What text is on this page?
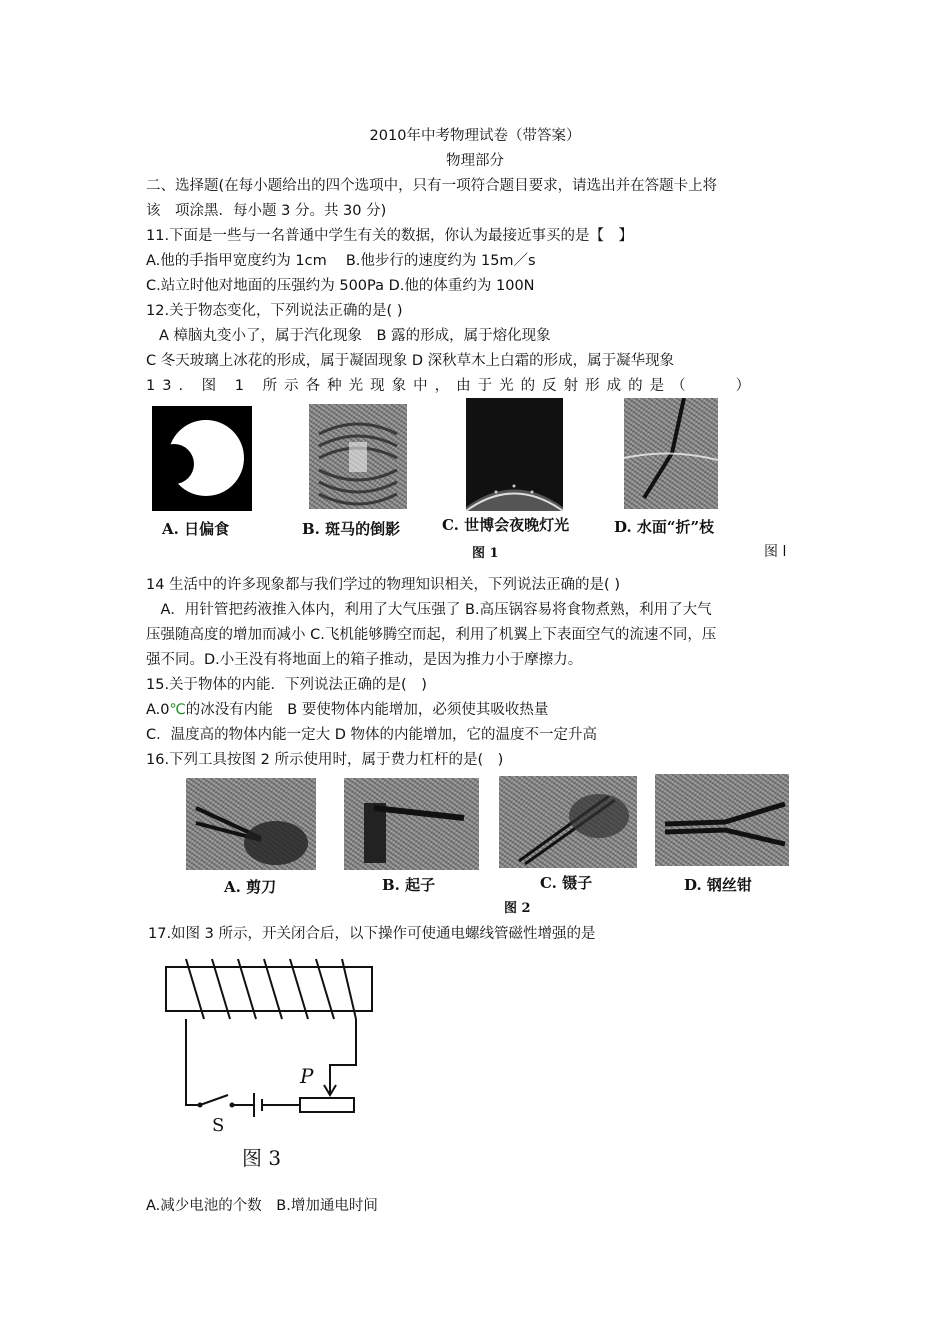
2010年中考物理试卷（带答案）
物理部分
二、选择题(在每小题给出的四个选项中，只有一项符合题目要求，请选出并在答题卡上将
该　项涂黑．每小题 3 分。共 30 分)
11.下面是一些与一名普通中学生有关的数据，你认为最接近事买的是【　】
A.他的手指甲宽度约为 1cm　 B.他步行的速度约为 15m／s
C.站立时他对地面的压强约为 500Pa D.他的体重约为 100N
12.关于物态变化，下列说法正确的是( )
A 樟脑丸变小了，属于汽化现象　B 露的形成，属于熔化现象
C 冬天玻璃上冰花的形成，属于凝固现象 D 深秋草木上白霜的形成，属于凝华现象
13. 图 1 所示各种光现象中，由于光的反射形成的是（　　）
A. 日偏食	B. 斑马的倒影	C. 世博会夜晚灯光	D. 水面“折”枝
图 1	图 l
14 生活中的许多现象都与我们学过的物理知识相关，下列说法正确的是( )
　A．用针管把药液推入体内，利用了大气压强了 B.高压锅容易将食物煮熟，利用了大气
压强随高度的增加而减小 C.飞机能够腾空而起，利用了机翼上下表面空气的流速不同，压
强不同。D.小王没有将地面上的箱子推动，是因为推力小于摩擦力。
15.关于物体的内能．下列说法正确的是(　)
A.0℃的冰没有内能　B 要使物体内能增加，必须使其吸收热量
C．温度高的物体内能一定大 D 物体的内能增加，它的温度不一定升高
16.下列工具按图 2 所示使用时，属于费力杠杆的是(　)
A. 剪刀	B. 起子	C. 镊子	D. 钢丝钳
图 2
17.如图 3 所示，开关闭合后，以下操作可使通电螺线管磁性增强的是
P
S
图 3
A.减少电池的个数　B.增加通电时间
